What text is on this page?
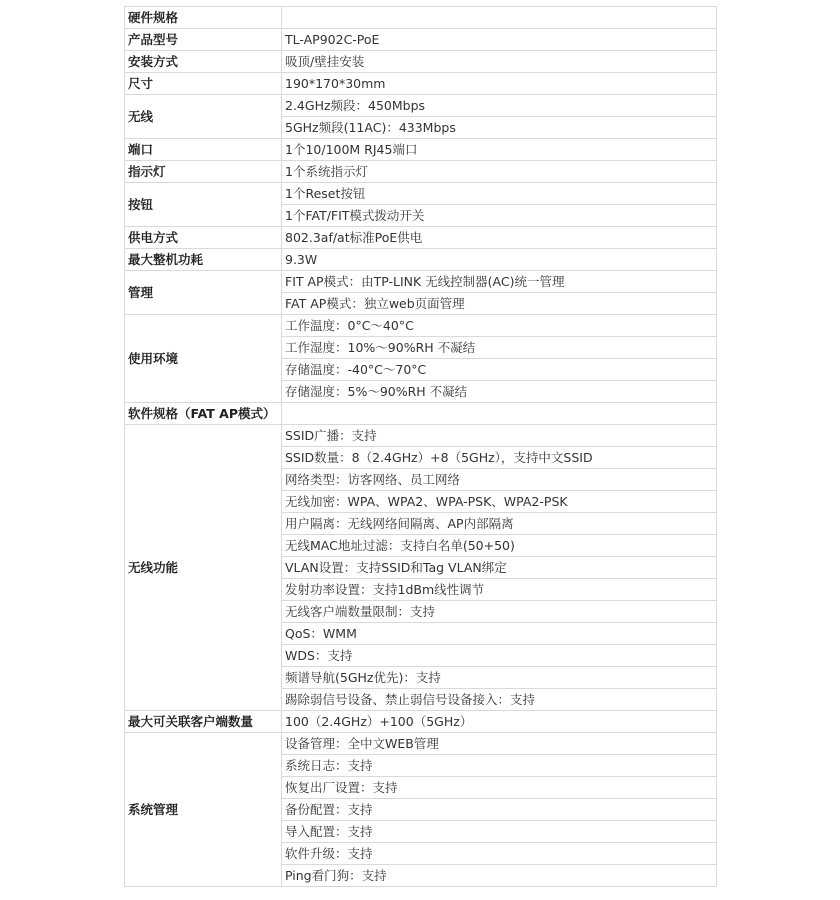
硬件规格	
产品型号	TL-AP902C-PoE
安装方式	吸顶/壁挂安装
尺寸	190*170*30mm
无线	2.4GHz频段：450Mbps
	5GHz频段(11AC)：433Mbps
端口	1个10/100M RJ45端口
指示灯	1个系统指示灯
按钮	1个Reset按钮
	1个FAT/FIT模式拨动开关
供电方式	802.3af/at标准PoE供电
最大整机功耗	9.3W
管理	FIT AP模式：由TP-LINK 无线控制器(AC)统一管理
	FAT AP模式：独立web页面管理
使用环境	工作温度：0°C～40°C
	工作湿度：10%～90%RH 不凝结
	存储温度：-40°C～70°C
	存储湿度：5%～90%RH 不凝结
软件规格（FAT AP模式）	
无线功能	SSID广播：支持
	SSID数量：8（2.4GHz）+8（5GHz），支持中文SSID
	网络类型：访客网络、员工网络
	无线加密：WPA、WPA2、WPA-PSK、WPA2-PSK
	用户隔离：无线网络间隔离、AP内部隔离
	无线MAC地址过滤：支持白名单(50+50)
	VLAN设置：支持SSID和Tag VLAN绑定
	发射功率设置：支持1dBm线性调节
	无线客户端数量限制：支持
	QoS：WMM
	WDS：支持
	频谱导航(5GHz优先)：支持
	踢除弱信号设备、禁止弱信号设备接入：支持
最大可关联客户端数量	100（2.4GHz）+100（5GHz）
系统管理	设备管理：全中文WEB管理
	系统日志：支持
	恢复出厂设置：支持
	备份配置：支持
	导入配置：支持
	软件升级：支持
	Ping看门狗：支持
